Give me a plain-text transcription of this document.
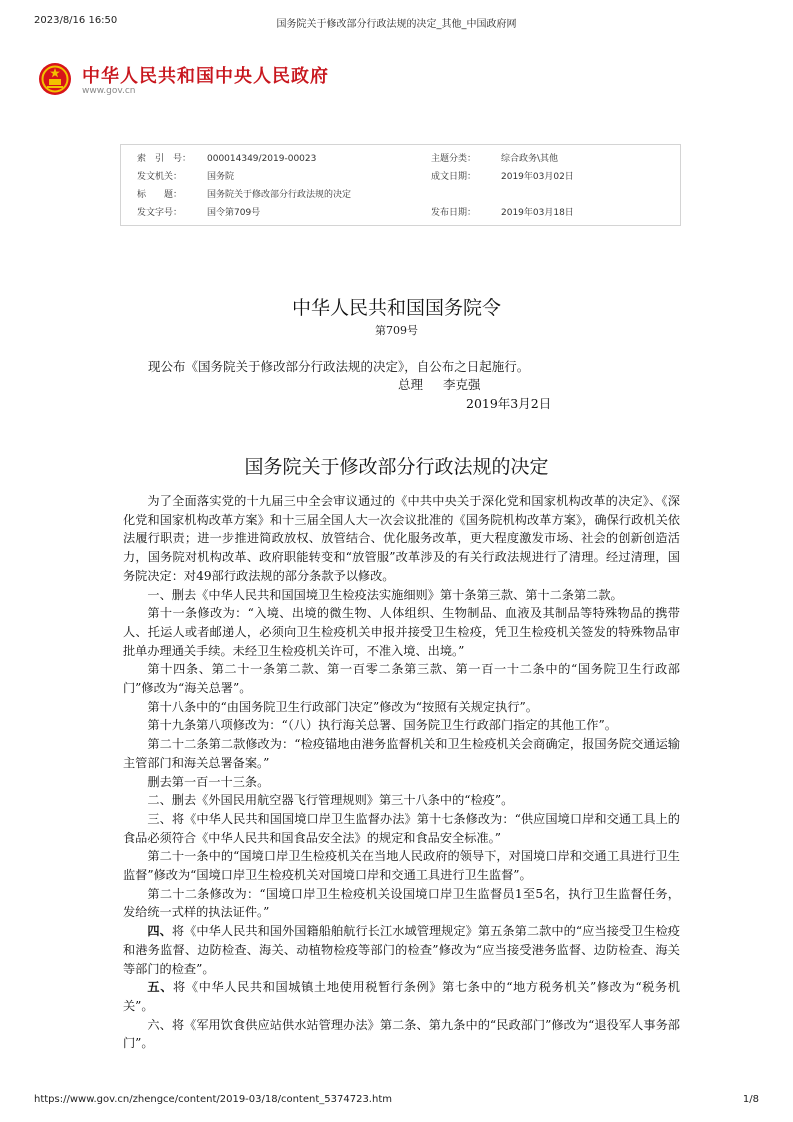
2023/8/16 16:50	国务院关于修改部分行政法规的决定_其他_中国政府网
中华人民共和国中央人民政府
www.gov.cn
索　引　号： 000014349/2019-00023	主题分类：	综合政务\其他
发文机关：	国务院	成文日期：	2019年03月02日
标　　题：	国务院关于修改部分行政法规的决定
发文字号：	国令第709号	发布日期：	2019年03月18日
中华人民共和国国务院令
第709号
现公布《国务院关于修改部分行政法规的决定》，自公布之日起施行。
总理 李克强
2019年3月2日
国务院关于修改部分行政法规的决定

为了全面落实党的十九届三中全会审议通过的《中共中央关于深化党和国家机构改革的决定》、《深化党和国家机构改革方案》和十三届全国人大一次会议批准的《国务院机构改革方案》，确保行政机关依法履行职责；进一步推进简政放权、放管结合、优化服务改革，更大程度激发市场、社会的创新创造活力，国务院对机构改革、政府职能转变和“放管服”改革涉及的有关行政法规进行了清理。经过清理，国务院决定：对49部行政法规的部分条款予以修改。

一、删去《中华人民共和国国境卫生检疫法实施细则》第十条第三款、第十二条第二款。

第十一条修改为：“入境、出境的微生物、人体组织、生物制品、血液及其制品等特殊物品的携带人、托运人或者邮递人，必须向卫生检疫机关申报并接受卫生检疫，凭卫生检疫机关签发的特殊物品审批单办理通关手续。未经卫生检疫机关许可，不准入境、出境。”

第十四条、第二十一条第二款、第一百零二条第三款、第一百一十二条中的“国务院卫生行政部门”修改为“海关总署”。

第十八条中的“由国务院卫生行政部门决定”修改为“按照有关规定执行”。

第十九条第八项修改为：“（八）执行海关总署、国务院卫生行政部门指定的其他工作”。

第二十二条第二款修改为：“检疫锚地由港务监督机关和卫生检疫机关会商确定，报国务院交通运输主管部门和海关总署备案。”

删去第一百一十三条。

二、删去《外国民用航空器飞行管理规则》第三十八条中的“检疫”。

三、将《中华人民共和国国境口岸卫生监督办法》第十七条修改为：“供应国境口岸和交通工具上的食品必须符合《中华人民共和国食品安全法》的规定和食品安全标准。”

第二十一条中的“国境口岸卫生检疫机关在当地人民政府的领导下，对国境口岸和交通工具进行卫生监督”修改为“国境口岸卫生检疫机关对国境口岸和交通工具进行卫生监督”。

第二十二条修改为：“国境口岸卫生检疫机关设国境口岸卫生监督员1至5名，执行卫生监督任务，发给统一式样的执法证件。”

四、将《中华人民共和国外国籍船舶航行长江水域管理规定》第五条第二款中的“应当接受卫生检疫和港务监督、边防检查、海关、动植物检疫等部门的检查”修改为“应当接受港务监督、边防检查、海关等部门的检查”。

五、将《中华人民共和国城镇土地使用税暂行条例》第七条中的“地方税务机关”修改为“税务机关”。

六、将《军用饮食供应站供水站管理办法》第二条、第九条中的“民政部门”修改为“退役军人事务部门”。

https://www.gov.cn/zhengce/content/2019-03/18/content_5374723.htm	1/8
